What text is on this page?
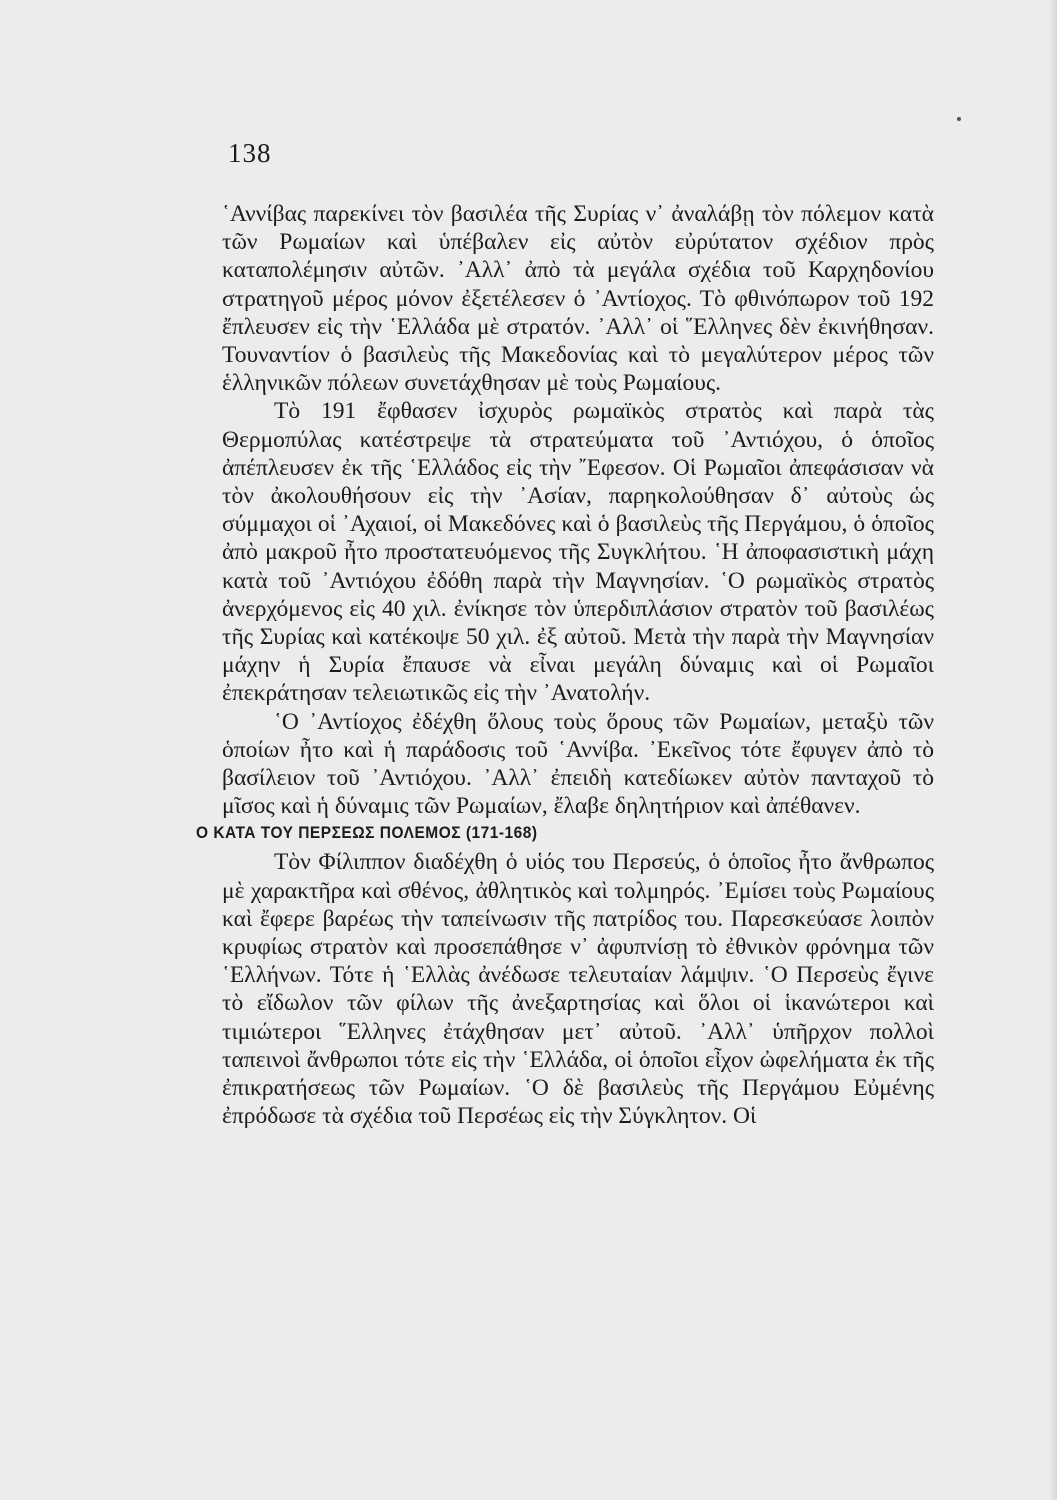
138

῾Αννίβας παρεκίνει τὸν βασιλέα τῆς Συρίας ν᾿ ἀναλάβῃ τὸν πόλεμον κατὰ τῶν Ρωμαίων καὶ ὑπέβαλεν εἰς αὐτὸν εὐρύτατον σχέδιον πρὸς καταπολέμησιν αὐτῶν. ᾿Αλλ᾿ ἀπὸ τὰ μεγάλα σχέδια τοῦ Καρχηδονίου στρατηγοῦ μέρος μόνον ἐξετέλεσεν ὁ ᾿Αντίοχος. Τὸ φθινόπωρον τοῦ 192 ἔπλευσεν εἰς τὴν ῾Ελλάδα μὲ στρατόν. ᾿Αλλ᾿ οἱ ῞Ελληνες δὲν ἐκινήθησαν. Τουναντίον ὁ βασιλεὺς τῆς Μακεδονίας καὶ τὸ μεγαλύτερον μέρος τῶν ἑλληνικῶν πόλεων συνετάχθησαν μὲ τοὺς Ρωμαίους.

Τὸ 191 ἔφθασεν ἰσχυρὸς ρωμαϊκὸς στρατὸς καὶ παρὰ τὰς Θερμοπύλας κατέστρεψε τὰ στρατεύματα τοῦ ᾿Αντιόχου, ὁ ὁποῖος ἀπέπλευσεν ἐκ τῆς ῾Ελλάδος εἰς τὴν ῎Εφεσον. Οἱ Ρωμαῖοι ἀπεφάσισαν νὰ τὸν ἀκολουθήσουν εἰς τὴν ᾿Ασίαν, παρηκολούθησαν δ᾿ αὐτοὺς ὡς σύμμαχοι οἱ ᾿Αχαιοί, οἱ Μακεδόνες καὶ ὁ βασιλεὺς τῆς Περγάμου, ὁ ὁποῖος ἀπὸ μακροῦ ἦτο προστατευόμενος τῆς Συγκλήτου. ῾Η ἀποφασιστικὴ μάχη κατὰ τοῦ ᾿Αντιόχου ἐδόθη παρὰ τὴν Μαγνησίαν. ῾Ο ρωμαϊκὸς στρατὸς ἀνερχόμενος εἰς 40 χιλ. ἐνίκησε τὸν ὑπερδιπλάσιον στρατὸν τοῦ βασιλέως τῆς Συρίας καὶ κατέκοψε 50 χιλ. ἐξ αὐτοῦ. Μετὰ τὴν παρὰ τὴν Μαγνησίαν μάχην ἡ Συρία ἔπαυσε νὰ εἶναι μεγάλη δύναμις καὶ οἱ Ρωμαῖοι ἐπεκράτησαν τελειωτικῶς εἰς τὴν ᾿Ανατολήν.

῾Ο ᾿Αντίοχος ἐδέχθη ὅλους τοὺς ὅρους τῶν Ρωμαίων, μεταξὺ τῶν ὁποίων ἦτο καὶ ἡ παράδοσις τοῦ ῾Αννίβα. ᾿Εκεῖνος τότε ἔφυγεν ἀπὸ τὸ βασίλειον τοῦ ᾿Αντιόχου. ᾿Αλλ᾿ ἐπειδὴ κατεδίωκεν αὐτὸν πανταχοῦ τὸ μῖσος καὶ ἡ δύναμις τῶν Ρωμαίων, ἔλαβε δηλητήριον καὶ ἀπέθανεν.

Ο ΚΑΤΑ ΤΟΥ ΠΕΡΣΕΩΣ ΠΟΛΕΜΟΣ (171-168)

Τὸν Φίλιππον διαδέχθη ὁ υἱός του Περσεύς, ὁ ὁποῖος ἦτο ἄνθρωπος μὲ χαρακτῆρα καὶ σθένος, ἀθλητικὸς καὶ τολμηρός. ᾿Εμίσει τοὺς Ρωμαίους καὶ ἔφερε βαρέως τὴν ταπείνωσιν τῆς πατρίδος του. Παρεσκεύασε λοιπὸν κρυφίως στρατὸν καὶ προσεπάθησε ν᾿ ἀφυπνίσῃ τὸ ἐθνικὸν φρόνημα τῶν ῾Ελλήνων. Τότε ἡ ῾Ελλὰς ἀνέδωσε τελευταίαν λάμψιν. ῾Ο Περσεὺς ἔγινε τὸ εἴδωλον τῶν φίλων τῆς ἀνεξαρτησίας καὶ ὅλοι οἱ ἱκανώτεροι καὶ τιμιώτεροι ῞Ελληνες ἐτάχθησαν μετ᾿ αὐτοῦ. ᾿Αλλ᾿ ὑπῆρχον πολλοὶ ταπεινοὶ ἄνθρωποι τότε εἰς τὴν ῾Ελλάδα, οἱ ὁποῖοι εἶχον ὠφελήματα ἐκ τῆς ἐπικρατήσεως τῶν Ρωμαίων. ῾Ο δὲ βασιλεὺς τῆς Περγάμου Εὐμένης ἐπρόδωσε τὰ σχέδια τοῦ Περσέως εἰς τὴν Σύγκλητον. Οἱ
